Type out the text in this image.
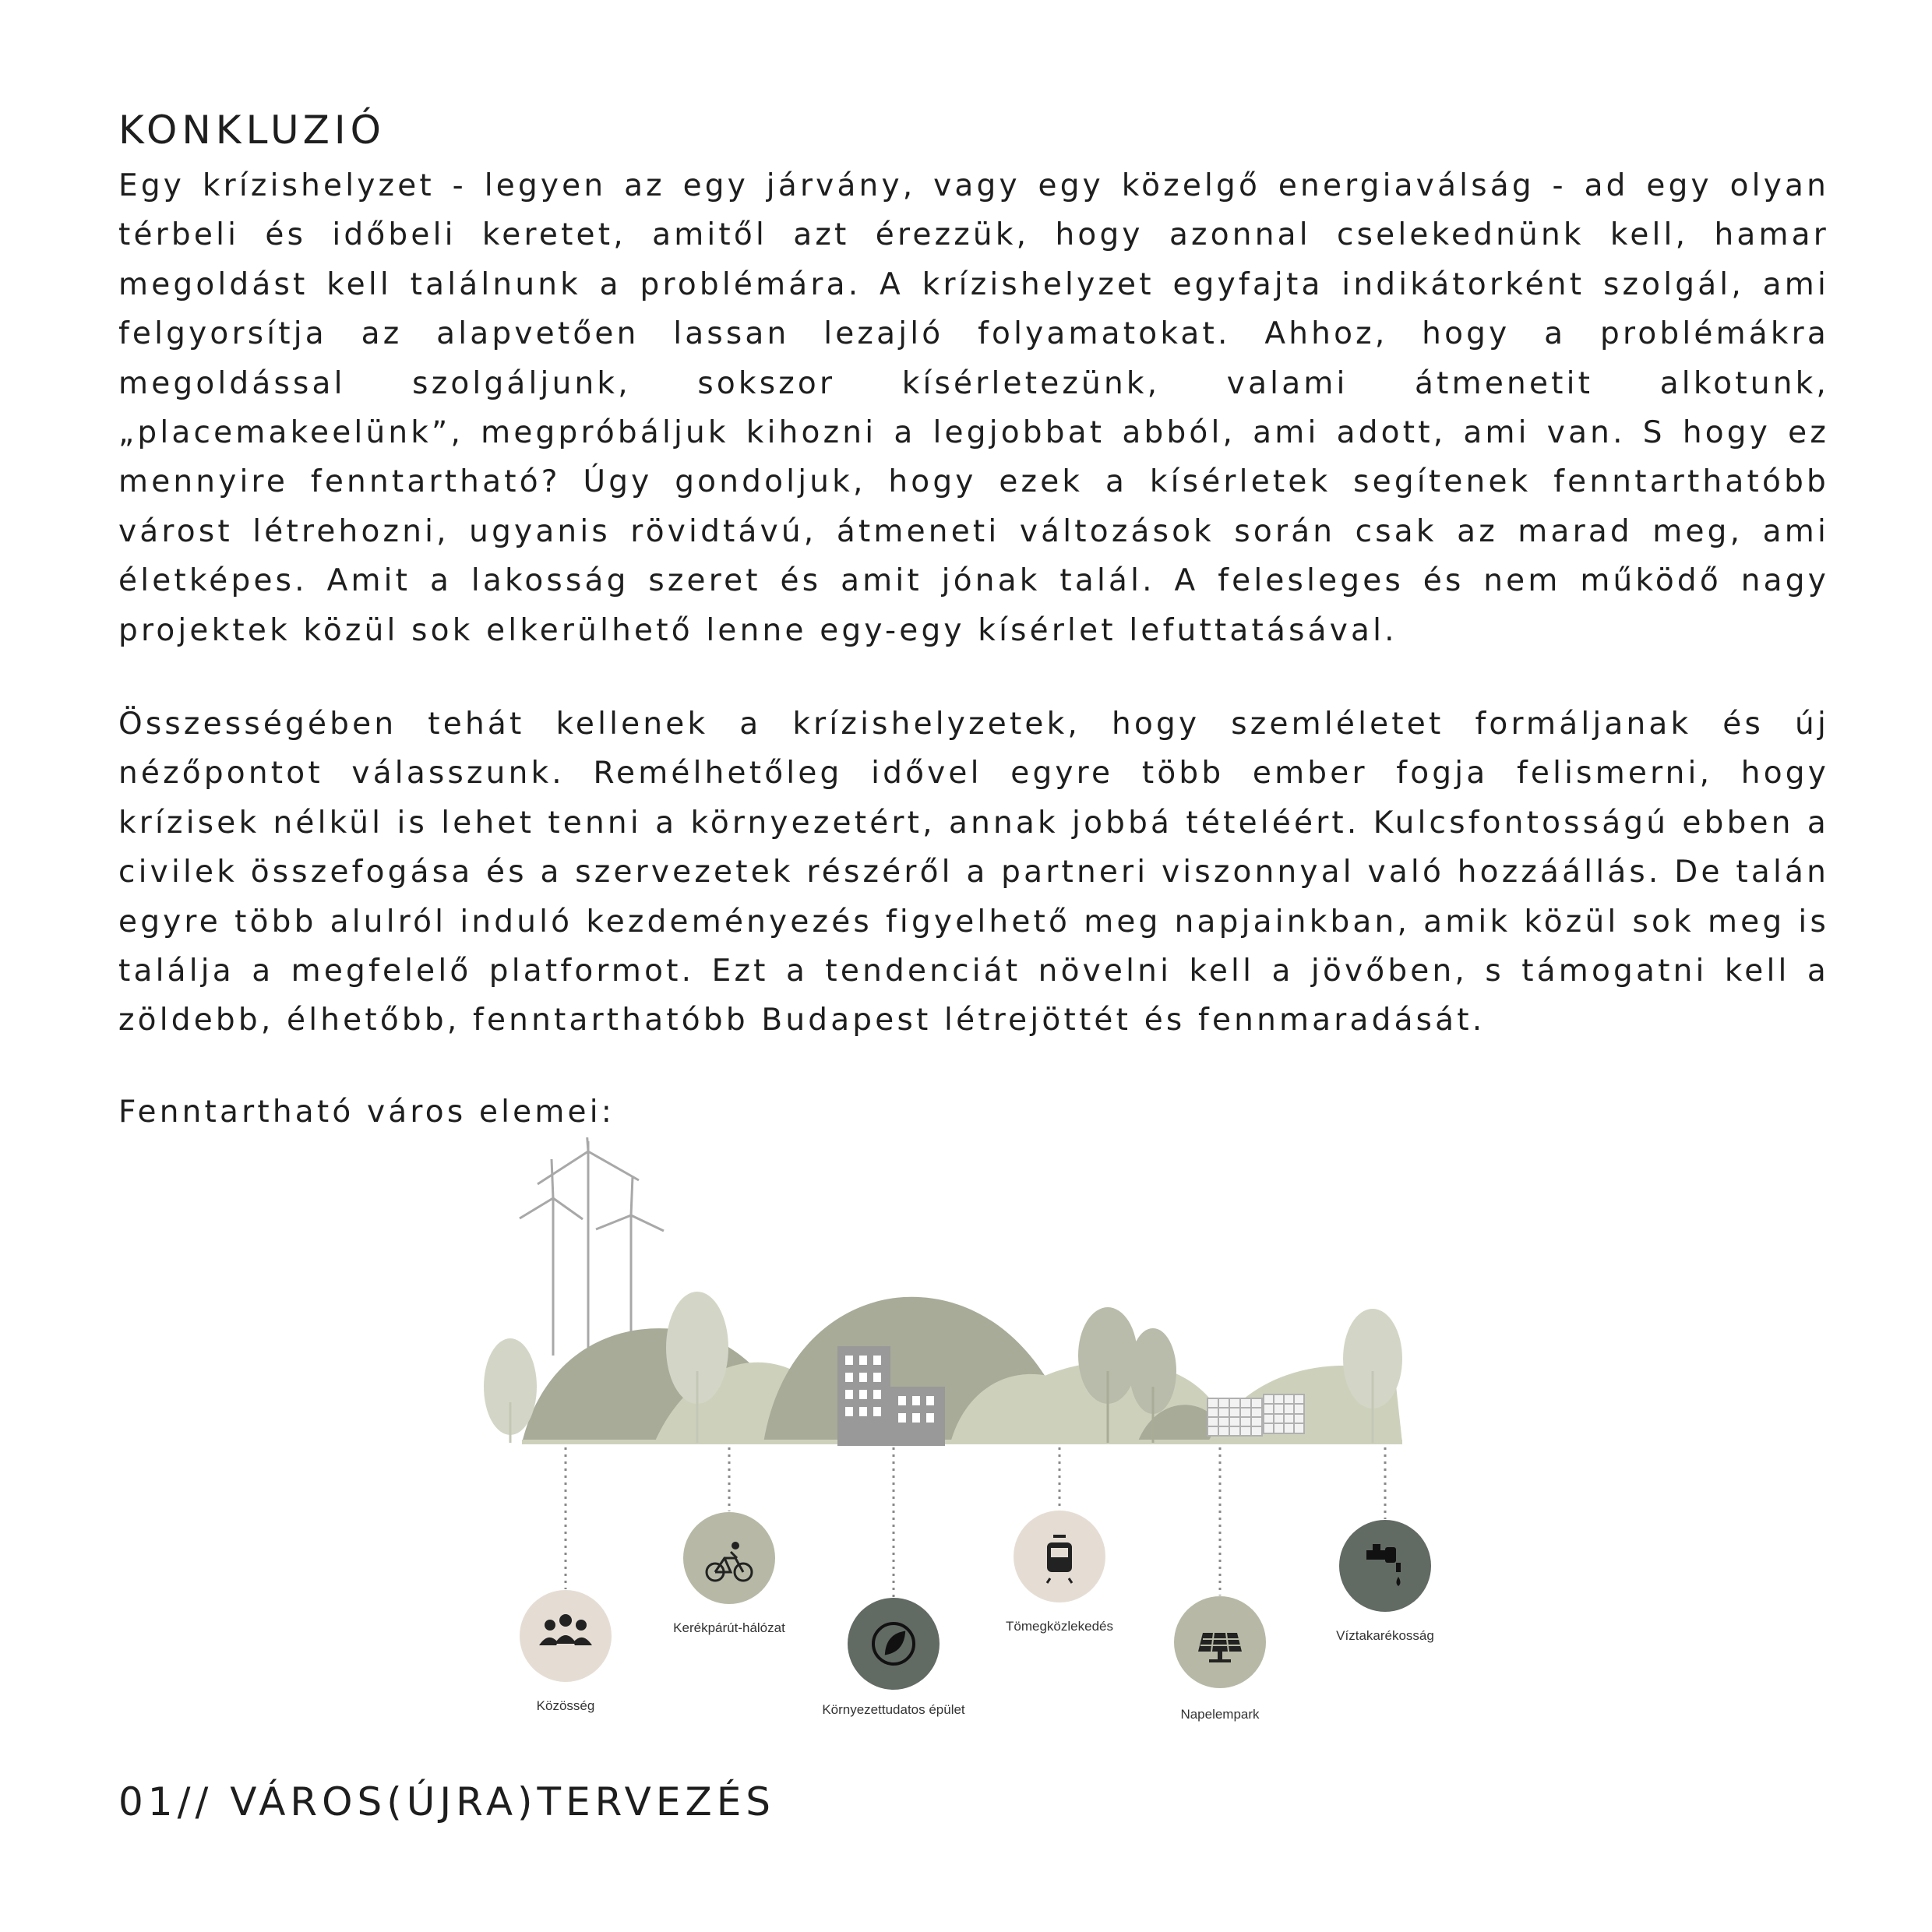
KONKLUZIÓ

Egy krízishelyzet - legyen az egy járvány, vagy egy közelgő energiaválság - ad egy olyan térbeli és időbeli keretet, amitől azt érezzük, hogy azonnal cselekednünk kell, hamar megoldást kell találnunk a problémára. A krízishelyzet egyfajta indikátorként szolgál, ami felgyorsítja az alapvetően lassan lezajló folyamatokat. Ahhoz, hogy a problémákra megoldással szolgáljunk, sokszor kísérletezünk, valami átmenetit alkotunk, „placemakeelünk”, megpróbáljuk kihozni a legjobbat abból, ami adott, ami van. S hogy ez mennyire fenntartható? Úgy gondoljuk, hogy ezek a kísérletek segítenek fenntarthatóbb várost létrehozni, ugyanis rövidtávú, átmeneti változások során csak az marad meg, ami életképes. Amit a lakosság szeret és amit jónak talál. A felesleges és nem működő nagy projektek közül sok elkerülhető lenne egy-egy kísérlet lefuttatásával.

Összességében tehát kellenek a krízishelyzetek, hogy szemléletet formáljanak és új nézőpontot válasszunk. Remélhetőleg idővel egyre több ember fogja felismerni, hogy krízisek nélkül is lehet tenni a környezetért, annak jobbá tételéért. Kulcsfontosságú ebben a civilek összefogása és a szervezetek részéről a partneri viszonnyal való hozzáállás. De talán egyre több alulról induló kezdeményezés figyelhető meg napjainkban, amik közül sok meg is találja a megfelelő platformot. Ezt a tendenciát növelni kell a jövőben, s támogatni kell a zöldebb, élhetőbb, fenntarthatóbb Budapest létrejöttét és fennmaradását.

Fenntartható város elemei:

Közösség
Kerékpárút-hálózat
Környezettudatos épület
Tömegközlekedés
Napelempark
Víztakarékosság

01// VÁROS(ÚJRA)TERVEZÉS
